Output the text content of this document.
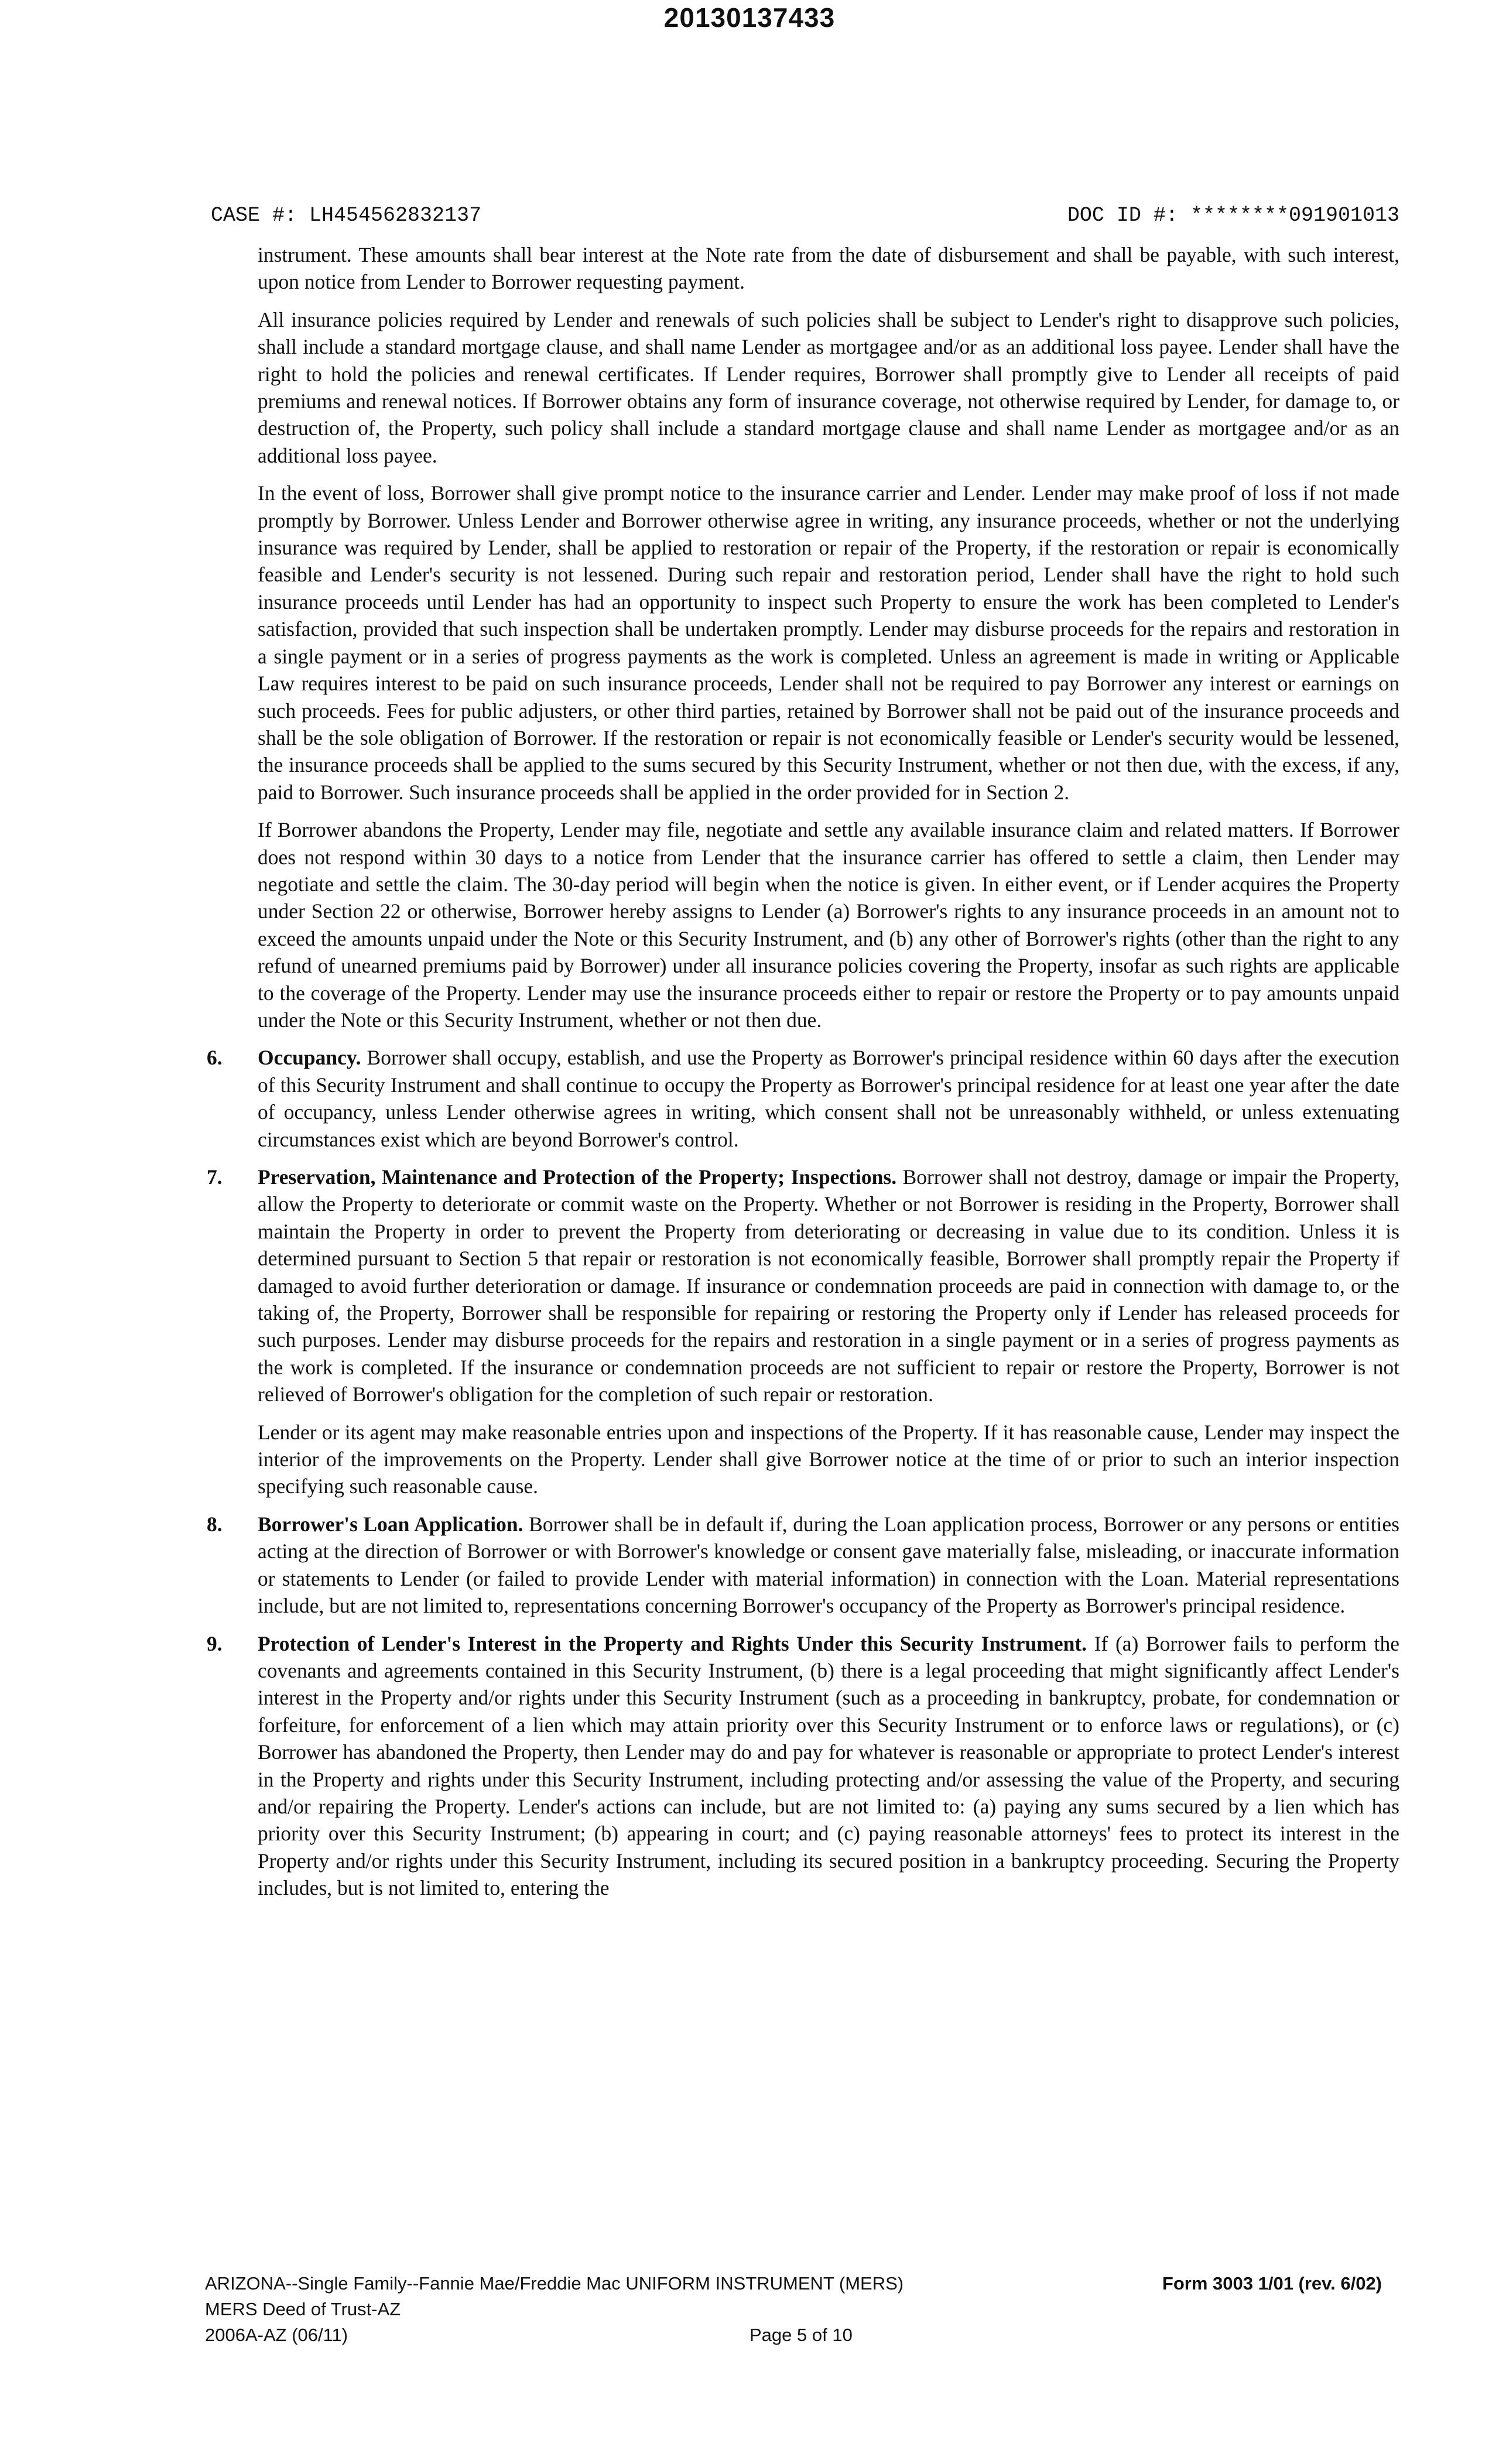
20130137433
CASE #: LH454562832137	DOC ID #: ********091901013

instrument. These amounts shall bear interest at the Note rate from the date of disbursement and shall be payable, with such interest, upon notice from Lender to Borrower requesting payment.

All insurance policies required by Lender and renewals of such policies shall be subject to Lender's right to disapprove such policies, shall include a standard mortgage clause, and shall name Lender as mortgagee and/or as an additional loss payee. Lender shall have the right to hold the policies and renewal certificates. If Lender requires, Borrower shall promptly give to Lender all receipts of paid premiums and renewal notices. If Borrower obtains any form of insurance coverage, not otherwise required by Lender, for damage to, or destruction of, the Property, such policy shall include a standard mortgage clause and shall name Lender as mortgagee and/or as an additional loss payee.

In the event of loss, Borrower shall give prompt notice to the insurance carrier and Lender. Lender may make proof of loss if not made promptly by Borrower. Unless Lender and Borrower otherwise agree in writing, any insurance proceeds, whether or not the underlying insurance was required by Lender, shall be applied to restoration or repair of the Property, if the restoration or repair is economically feasible and Lender's security is not lessened. During such repair and restoration period, Lender shall have the right to hold such insurance proceeds until Lender has had an opportunity to inspect such Property to ensure the work has been completed to Lender's satisfaction, provided that such inspection shall be undertaken promptly. Lender may disburse proceeds for the repairs and restoration in a single payment or in a series of progress payments as the work is completed. Unless an agreement is made in writing or Applicable Law requires interest to be paid on such insurance proceeds, Lender shall not be required to pay Borrower any interest or earnings on such proceeds. Fees for public adjusters, or other third parties, retained by Borrower shall not be paid out of the insurance proceeds and shall be the sole obligation of Borrower. If the restoration or repair is not economically feasible or Lender's security would be lessened, the insurance proceeds shall be applied to the sums secured by this Security Instrument, whether or not then due, with the excess, if any, paid to Borrower. Such insurance proceeds shall be applied in the order provided for in Section 2.

If Borrower abandons the Property, Lender may file, negotiate and settle any available insurance claim and related matters. If Borrower does not respond within 30 days to a notice from Lender that the insurance carrier has offered to settle a claim, then Lender may negotiate and settle the claim. The 30-day period will begin when the notice is given. In either event, or if Lender acquires the Property under Section 22 or otherwise, Borrower hereby assigns to Lender (a) Borrower's rights to any insurance proceeds in an amount not to exceed the amounts unpaid under the Note or this Security Instrument, and (b) any other of Borrower's rights (other than the right to any refund of unearned premiums paid by Borrower) under all insurance policies covering the Property, insofar as such rights are applicable to the coverage of the Property. Lender may use the insurance proceeds either to repair or restore the Property or to pay amounts unpaid under the Note or this Security Instrument, whether or not then due.

6. Occupancy. Borrower shall occupy, establish, and use the Property as Borrower's principal residence within 60 days after the execution of this Security Instrument and shall continue to occupy the Property as Borrower's principal residence for at least one year after the date of occupancy, unless Lender otherwise agrees in writing, which consent shall not be unreasonably withheld, or unless extenuating circumstances exist which are beyond Borrower's control.

7. Preservation, Maintenance and Protection of the Property; Inspections. Borrower shall not destroy, damage or impair the Property, allow the Property to deteriorate or commit waste on the Property. Whether or not Borrower is residing in the Property, Borrower shall maintain the Property in order to prevent the Property from deteriorating or decreasing in value due to its condition. Unless it is determined pursuant to Section 5 that repair or restoration is not economically feasible, Borrower shall promptly repair the Property if damaged to avoid further deterioration or damage. If insurance or condemnation proceeds are paid in connection with damage to, or the taking of, the Property, Borrower shall be responsible for repairing or restoring the Property only if Lender has released proceeds for such purposes. Lender may disburse proceeds for the repairs and restoration in a single payment or in a series of progress payments as the work is completed. If the insurance or condemnation proceeds are not sufficient to repair or restore the Property, Borrower is not relieved of Borrower's obligation for the completion of such repair or restoration.

Lender or its agent may make reasonable entries upon and inspections of the Property. If it has reasonable cause, Lender may inspect the interior of the improvements on the Property. Lender shall give Borrower notice at the time of or prior to such an interior inspection specifying such reasonable cause.

8. Borrower's Loan Application. Borrower shall be in default if, during the Loan application process, Borrower or any persons or entities acting at the direction of Borrower or with Borrower's knowledge or consent gave materially false, misleading, or inaccurate information or statements to Lender (or failed to provide Lender with material information) in connection with the Loan. Material representations include, but are not limited to, representations concerning Borrower's occupancy of the Property as Borrower's principal residence.

9. Protection of Lender's Interest in the Property and Rights Under this Security Instrument. If (a) Borrower fails to perform the covenants and agreements contained in this Security Instrument, (b) there is a legal proceeding that might significantly affect Lender's interest in the Property and/or rights under this Security Instrument (such as a proceeding in bankruptcy, probate, for condemnation or forfeiture, for enforcement of a lien which may attain priority over this Security Instrument or to enforce laws or regulations), or (c) Borrower has abandoned the Property, then Lender may do and pay for whatever is reasonable or appropriate to protect Lender's interest in the Property and rights under this Security Instrument, including protecting and/or assessing the value of the Property, and securing and/or repairing the Property. Lender's actions can include, but are not limited to: (a) paying any sums secured by a lien which has priority over this Security Instrument; (b) appearing in court; and (c) paying reasonable attorneys' fees to protect its interest in the Property and/or rights under this Security Instrument, including its secured position in a bankruptcy proceeding. Securing the Property includes, but is not limited to, entering the

ARIZONA--Single Family--Fannie Mae/Freddie Mac UNIFORM INSTRUMENT (MERS)
MERS Deed of Trust-AZ
2006A-AZ (06/11)
Form 3003 1/01 (rev. 6/02)
Page 5 of 10
